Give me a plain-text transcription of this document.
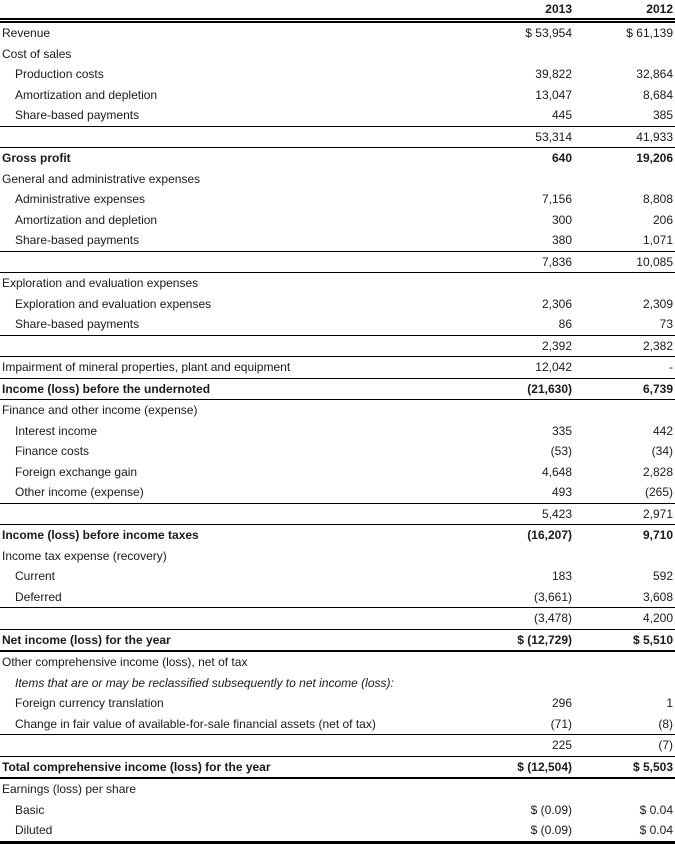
	2013	2012
Revenue	$ 53,954	$ 61,139
Cost of sales		
Production costs	39,822	32,864
Amortization and depletion	13,047	8,684
Share-based payments	445	385
	53,314	41,933
Gross profit	640	19,206
General and administrative expenses		
Administrative expenses	7,156	8,808
Amortization and depletion	300	206
Share-based payments	380	1,071
	7,836	10,085
Exploration and evaluation expenses		
Exploration and evaluation expenses	2,306	2,309
Share-based payments	86	73
	2,392	2,382
Impairment of mineral properties, plant and equipment	12,042	-
Income (loss) before the undernoted	(21,630)	6,739
Finance and other income (expense)		
Interest income	335	442
Finance costs	(53)	(34)
Foreign exchange gain	4,648	2,828
Other income (expense)	493	(265)
	5,423	2,971
Income (loss) before income taxes	(16,207)	9,710
Income tax expense (recovery)		
Current	183	592
Deferred	(3,661)	3,608
	(3,478)	4,200
Net income (loss) for the year	$ (12,729)	$ 5,510
Other comprehensive income (loss), net of tax		
Items that are or may be reclassified subsequently to net income (loss):		
Foreign currency translation	296	1
Change in fair value of available-for-sale financial assets (net of tax)	(71)	(8)
	225	(7)
Total comprehensive income (loss) for the year	$ (12,504)	$ 5,503
Earnings (loss) per share		
Basic	$ (0.09)	$ 0.04
Diluted	$ (0.09)	$ 0.04
